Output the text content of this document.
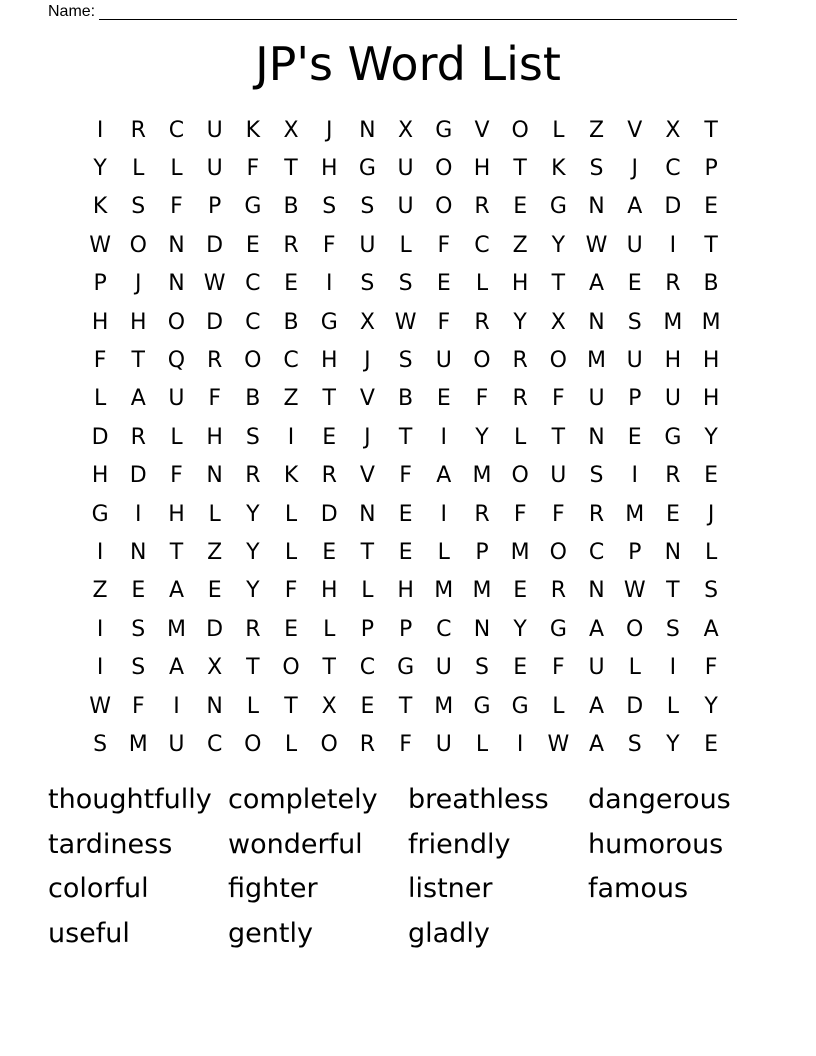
Name:
JP's Word List
I	R	C	U	K	X	J	N	X	G	V O	L	Z	V	X	T
Y	L	L	U	F	T	H G U O H	T	K	S	J	C	P
K	S	F	P	G	B	S	S	U O R	E	G N	A	D	E
W O N D	E	R	F	U	L	F	C	Z	Y W U	I	T
P	J	N W C	E	I	S	S	E	L	H	T	A	E	R	B
H H O D	C	B	G	X W F	R	Y	X	N	S M M
F	T	Q R O C	H	J	S	U O R O M U H H
L	A	U	F	B	Z	T	V	B	E	F	R	F	U	P	U H
D	R	L	H	S	I	E	J	T	I	Y	L	T	N	E	G	Y
H D	F	N	R	K	R	V	F	A M O U	S	I	R	E
G	I	H	L	Y	L	D N	E	I	R	F	F	R M E	J
I	N	T	Z	Y	L	E	T	E	L	P	M O C	P	N	L
Z	E	A	E	Y	F	H	L	H M M E	R	N W T	S
I	S M D	R	E	L	P	P	C	N	Y	G	A O	S	A
I	S	A	X	T	O	T	C G U	S	E	F	U	L	I	F
W F	I	N	L	T	X	E	T M G G	L	A	D	L	Y
S M U	C O	L	O R	F	U	L	I	W A	S	Y	E
thoughtfully completely	breathless	dangerous
tardiness	wonderful	friendly	humorous
colorful	fighter	listner	famous
useful	gently	gladly
